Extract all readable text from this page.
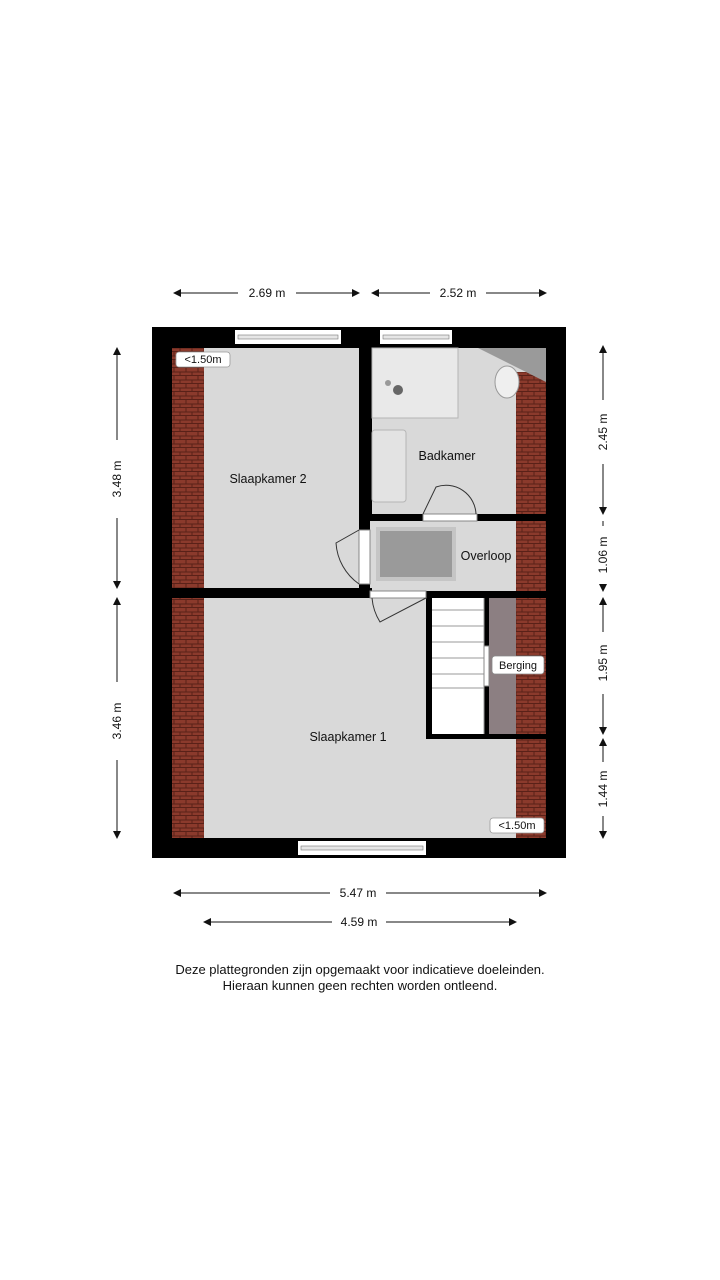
Slaapkamer 2
Badkamer
Overloop
Berging
Slaapkamer 1
<1.50m
<1.50m
2.69 m	2.52 m
3.48 m
3.46 m
2.45 m
1.06 m
1.95 m
1.44 m
5.47 m
4.59 m
Deze plattegronden zijn opgemaakt voor indicatieve doeleinden.
Hieraan kunnen geen rechten worden ontleend.
